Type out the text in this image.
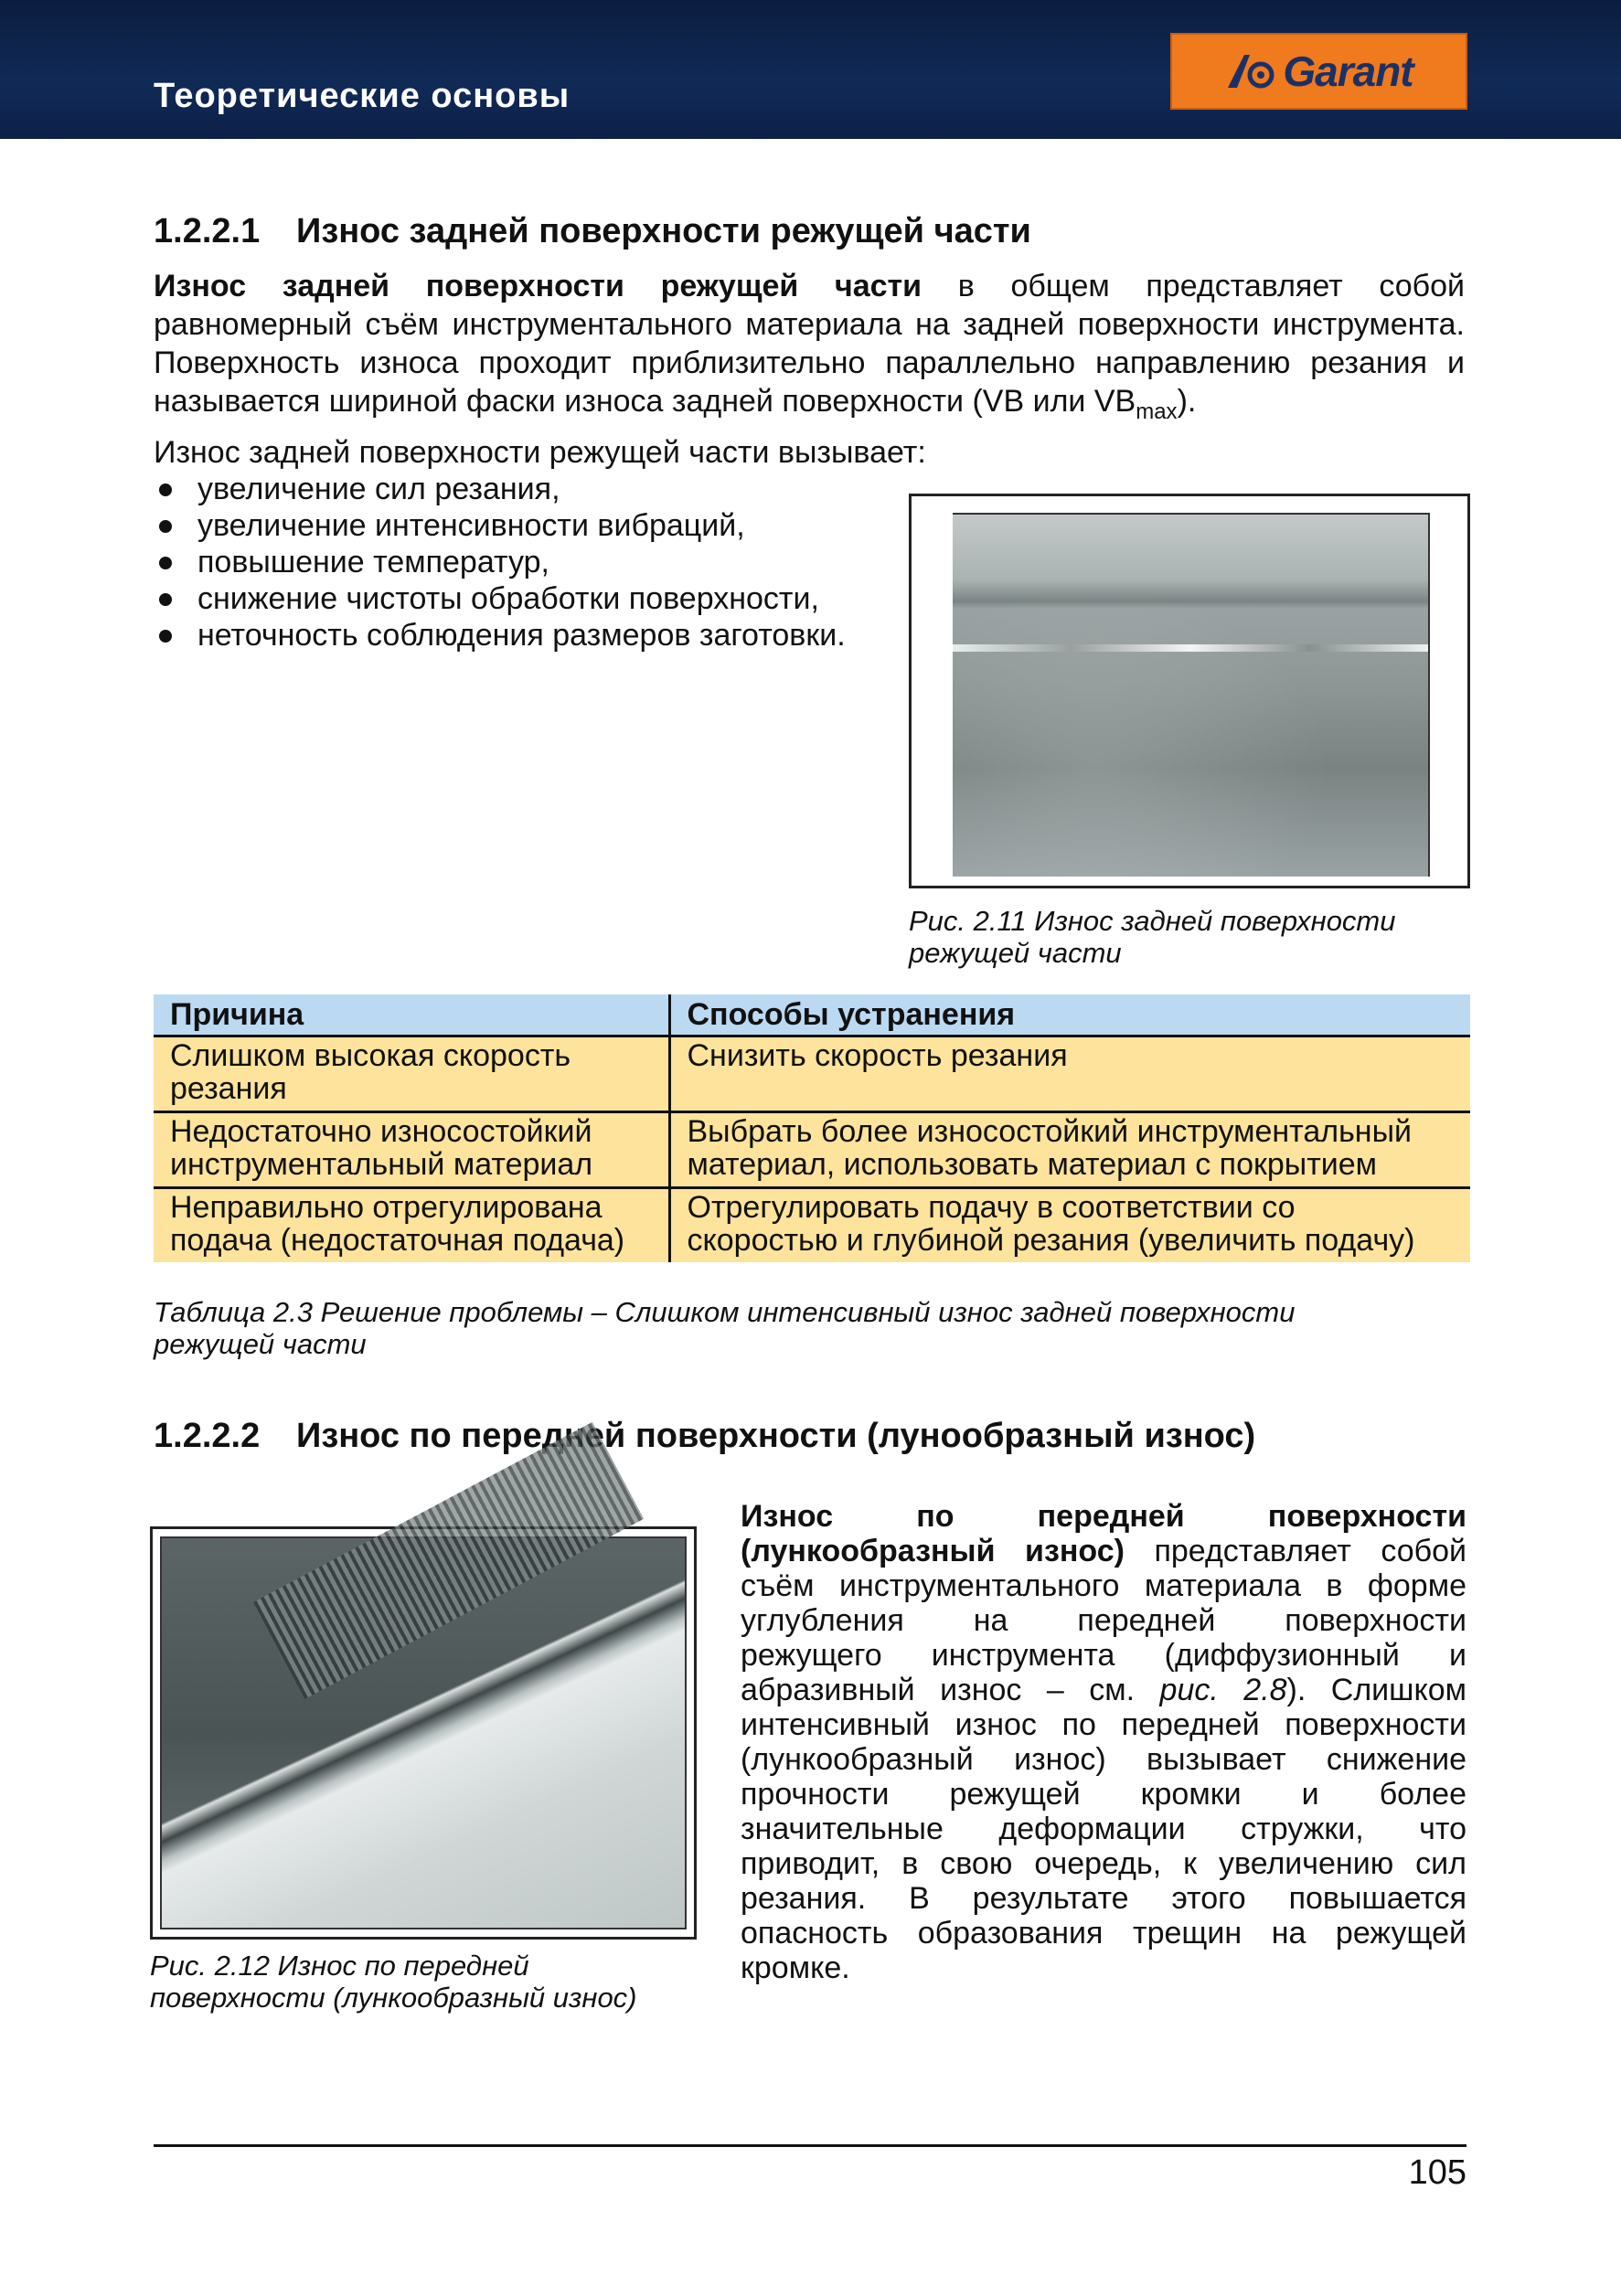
Теоретические основы
Garant
1.2.2.1 Износ задней поверхности режущей части
Износ задней поверхности режущей части в общем представляет собой
равномерный съём инструментального материала на задней поверхности инструмента.
Поверхность износа проходит приблизительно параллельно направлению резания и
называется шириной фаски износа задней поверхности (VB или $VB_{max}$).
Износ задней поверхности режущей части вызывает:
увеличение сил резания,
увеличение интенсивности вибраций,
повышение температур,
снижение чистоты обработки поверхности,
неточность соблюдения размеров заготовки.
Рис. 2.11 Износ задней поверхности
режущей части
Причина	Способы устранения

Слишком высокая скорость
резания	Снизить скорость резания

Недостаточно износостойкий
инструментальный материал	Выбрать более износостойкий инструментальный
материал, использовать материал с покрытием

Неправильно отрегулирована
подача (недостаточная подача)	Отрегулировать подачу в соответствии со
скоростью и глубиной резания (увеличить подачу)
Таблица 2.3 Решение проблемы – Слишком интенсивный износ задней поверхности
режущей части
1.2.2.2 Износ по передней поверхности (лунообразный износ)
Рис. 2.12 Износ по передней
поверхности (лункообразный износ)
Износ по передней поверхности
(лункообразный износ) представляет собой
съём инструментального материала в форме
углубления на передней поверхности
режущего инструмента (диффузионный и
абразивный износ – см. рис. 2.8). Слишком
интенсивный износ по передней поверхности
(лункообразный износ) вызывает снижение
прочности режущей кромки и более
значительные деформации стружки, что
приводит, в свою очередь, к увеличению сил
резания. В результате этого повышается
опасность образования трещин на режущей
кромке.
105
